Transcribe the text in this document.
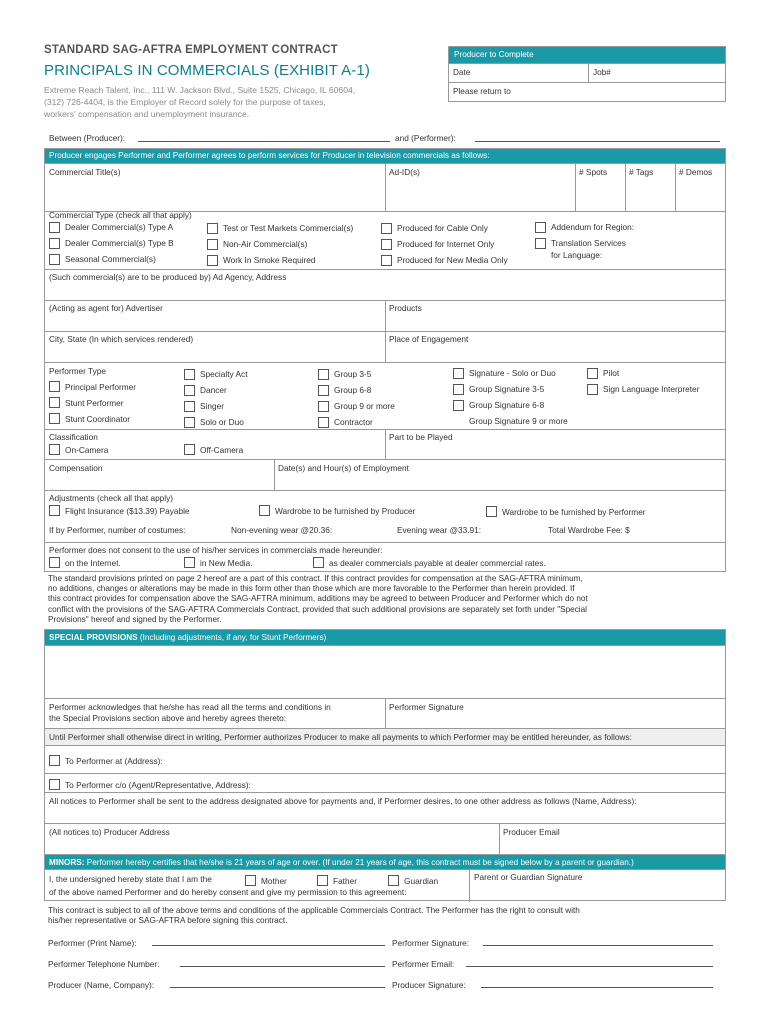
STANDARD SAG-AFTRA EMPLOYMENT CONTRACT
PRINCIPALS IN COMMERCIALS (EXHIBIT A-1)
Extreme Reach Talent, Inc., 111 W. Jackson Blvd., Suite 1525, Chicago, IL 60604,
(312) 726-4404, is the Employer of Record solely for the purpose of taxes,
workers' compensation and unemployment insurance.
Producer to Complete
Date	Job#
Please return to
Between (Producer):	and (Performer):
Producer engages Performer and Performer agrees to perform services for Producer in television commercials as follows:
Commercial Title(s)	Ad-ID(s)	# Spots	# Tags	# Demos
Commercial Type (check all that apply)
Dealer Commercial(s) Type A
Dealer Commercial(s) Type B
Seasonal Commercial(s)
Test or Test Markets Commercial(s)
Non-Air Commercial(s)
Work In Smoke Required
Produced for Cable Only
Produced for Internet Only
Produced for New Media Only
Addendum for Region:
Translation Services
for Language:
(Such commercial(s) are to be produced by) Ad Agency, Address
(Acting as agent for) Advertiser	Products
City, State (In which services rendered)	Place of Engagement
Performer Type
Principal Performer
Stunt Performer
Stunt Coordinator
Specialty Act
Dancer
Singer
Solo or Duo
Group 3-5
Group 6-8
Group 9 or more
Contractor
Signature - Solo or Duo
Group Signature 3-5
Group Signature 6-8
Group Signature 9 or more
Pilot
Sign Language Interpreter
Classification
On-Camera	Off-Camera
Part to be Played
Compensation	Date(s) and Hour(s) of Employment
Adjustments (check all that apply)
Flight Insurance ($13.39) Payable	Wardrobe to be furnished by Producer	Wardrobe to be furnished by Performer
If by Performer, number of costumes:	Non-evening wear @20.36:	Evening wear @33.91:	Total Wardrobe Fee: $
Performer does not consent to the use of his/her services in commercials made hereunder:
on the Internet.	in New Media.	as dealer commercials payable at dealer commercial rates.
The standard provisions printed on page 2 hereof are a part of this contract. If this contract provides for compensation at the SAG-AFTRA minimum,
no additions, changes or alterations may be made in this form other than those which are more favorable to the Performer than herein provided. If
this contract provides for compensation above the SAG-AFTRA minimum, additions may be agreed to between Producer and Performer which do not
conflict with the provisions of the SAG-AFTRA Commercials Contract, provided that such additional provisions are separately set forth under "Special
Provisions" hereof and signed by the Performer.
SPECIAL PROVISIONS (Including adjustments, if any, for Stunt Performers)
Performer acknowledges that he/she has read all the terms and conditions in
the Special Provisions section above and hereby agrees thereto:
Performer Signature
Until Performer shall otherwise direct in writing, Performer authorizes Producer to make all payments to which Performer may be entitled hereunder, as follows:
To Performer at (Address):
To Performer c/o (Agent/Representative, Address):
All notices to Performer shall be sent to the address designated above for payments and, if Performer desires, to one other address as follows (Name, Address):
(All notices to) Producer Address	Producer Email
MINORS: Performer hereby certifies that he/she is 21 years of age or over. (If under 21 years of age, this contract must be signed below by a parent or guardian.)
I, the undersigned hereby state that I am the	Mother	Father	Guardian
of the above named Performer and do hereby consent and give my permission to this agreement:
Parent or Guardian Signature
This contract is subject to all of the above terms and conditions of the applicable Commercials Contract. The Performer has the right to consult with
his/her representative or SAG-AFTRA before signing this contract.
Performer (Print Name):	Performer Signature:
Performer Telephone Number:	Performer Email:
Producer (Name, Company):	Producer Signature:
